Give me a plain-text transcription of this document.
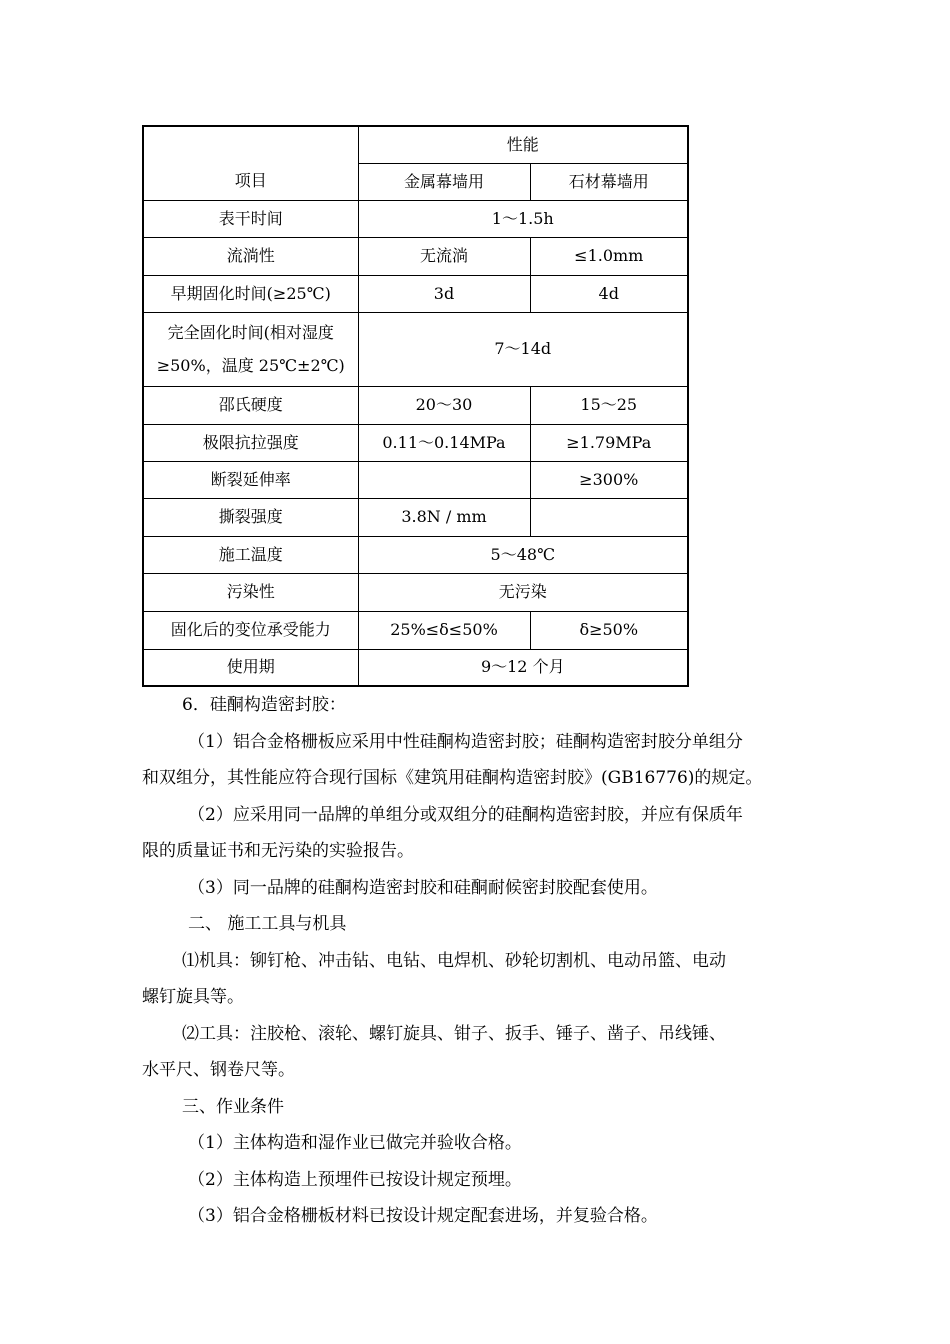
项目	性能	
	金属幕墙用	石材幕墙用
表干时间	1～1.5h	
流淌性	无流淌	≤1.0mm
早期固化时间(≥25℃)	3d	4d

完全固化时间(相对湿度
≥50%，温度 25℃±2℃)	7～14d	
邵氏硬度	20～30	15～25
极限抗拉强度	0.11～0.14MPa	≥1.79MPa
断裂延伸率		≥300%
撕裂强度	3.8N / mm	
施工温度	5～48℃	
污染性	无污染	
固化后的变位承受能力	25%≤δ≤50%	δ≥50%
使用期	9～12 个月	

6．硅酮构造密封胶：

（1）铝合金格栅板应采用中性硅酮构造密封胶；硅酮构造密封胶分单组分

和双组分，其性能应符合现行国标《建筑用硅酮构造密封胶》(GB16776)的规定。

（2）应采用同一品牌的单组分或双组分的硅酮构造密封胶，并应有保质年

限的质量证书和无污染的实验报告。

（3）同一品牌的硅酮构造密封胶和硅酮耐候密封胶配套使用。

二、 施工工具与机具

⑴机具：铆钉枪、冲击钻、电钻、电焊机、砂轮切割机、电动吊篮、电动

螺钉旋具等。

⑵工具：注胶枪、滚轮、螺钉旋具、钳子、扳手、锤子、凿子、吊线锤、

水平尺、钢卷尺等。

三、作业条件

（1）主体构造和湿作业已做完并验收合格。

（2）主体构造上预埋件已按设计规定预埋。

（3）铝合金格栅板材料已按设计规定配套进场，并复验合格。
